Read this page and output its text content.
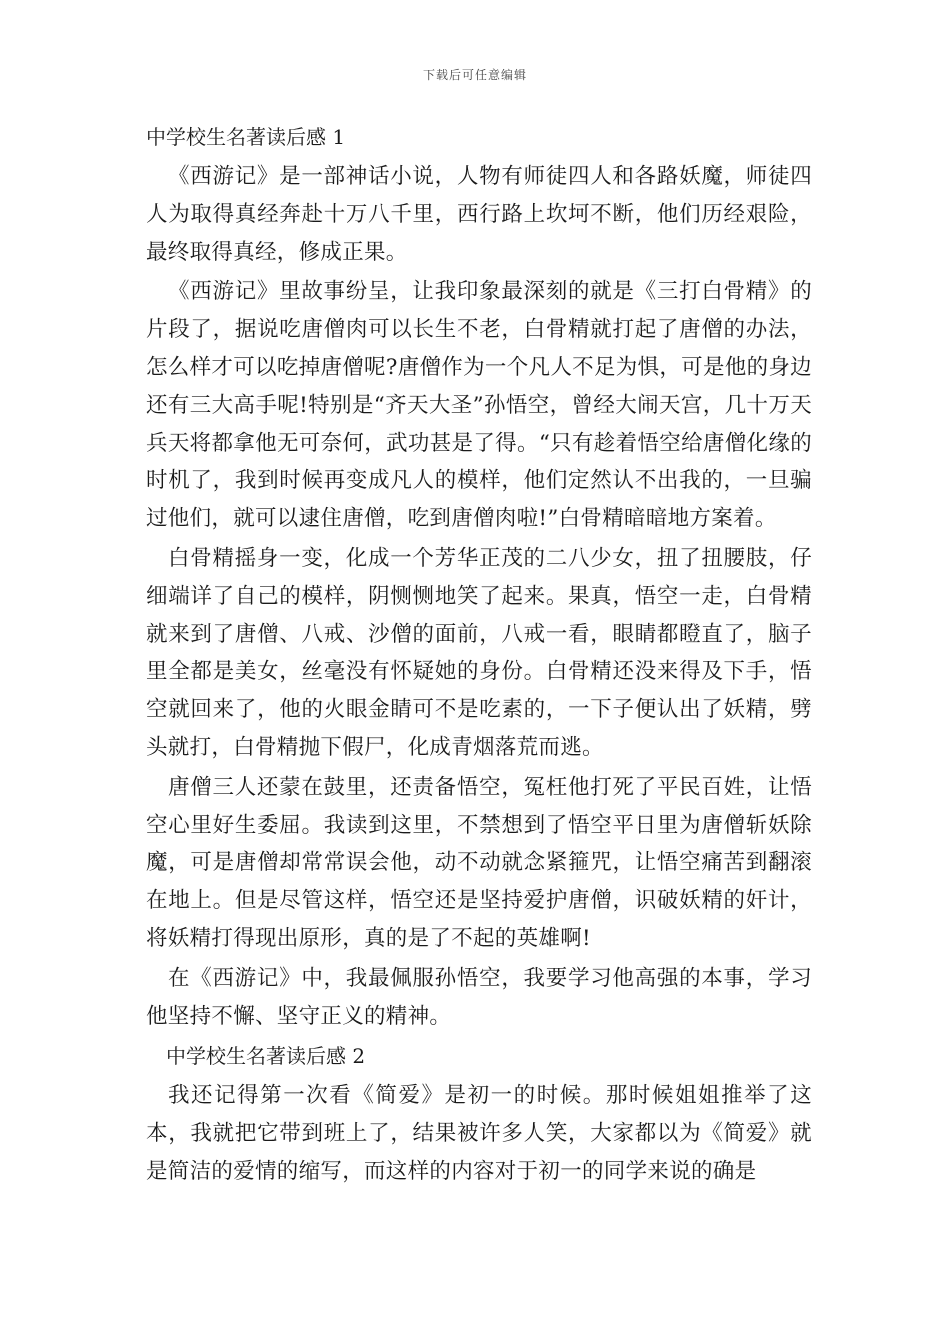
下载后可任意编辑
中学校生名著读后感 1

《西游记》是一部神话小说，人物有师徒四人和各路妖魔，师徒四人为取得真经奔赴十万八千里，西行路上坎坷不断，他们历经艰险，最终取得真经，修成正果。

《西游记》里故事纷呈，让我印象最深刻的就是《三打白骨精》的片段了，据说吃唐僧肉可以长生不老，白骨精就打起了唐僧的办法，怎么样才可以吃掉唐僧呢?唐僧作为一个凡人不足为惧，可是他的身边还有三大高手呢!特别是“齐天大圣”孙悟空，曾经大闹天宫，几十万天兵天将都拿他无可奈何，武功甚是了得。“只有趁着悟空给唐僧化缘的时机了，我到时候再变成凡人的模样，他们定然认不出我的，一旦骗过他们，就可以逮住唐僧，吃到唐僧肉啦!”白骨精暗暗地方案着。

白骨精摇身一变，化成一个芳华正茂的二八少女，扭了扭腰肢，仔细端详了自己的模样，阴恻恻地笑了起来。果真，悟空一走，白骨精就来到了唐僧、八戒、沙僧的面前，八戒一看，眼睛都瞪直了，脑子里全都是美女，丝毫没有怀疑她的身份。白骨精还没来得及下手，悟空就回来了，他的火眼金睛可不是吃素的，一下子便认出了妖精，劈头就打，白骨精抛下假尸，化成青烟落荒而逃。

唐僧三人还蒙在鼓里，还责备悟空，冤枉他打死了平民百姓，让悟空心里好生委屈。我读到这里，不禁想到了悟空平日里为唐僧斩妖除魔，可是唐僧却常常误会他，动不动就念紧箍咒，让悟空痛苦到翻滚在地上。但是尽管这样，悟空还是坚持爱护唐僧，识破妖精的奸计，将妖精打得现出原形，真的是了不起的英雄啊!

在《西游记》中，我最佩服孙悟空，我要学习他高强的本事，学习他坚持不懈、坚守正义的精神。

中学校生名著读后感 2

我还记得第一次看《简爱》是初一的时候。那时候姐姐推举了这本，我就把它带到班上了，结果被许多人笑，大家都以为《简爱》就是简洁的爱情的缩写，而这样的内容对于初一的同学来说的确是
